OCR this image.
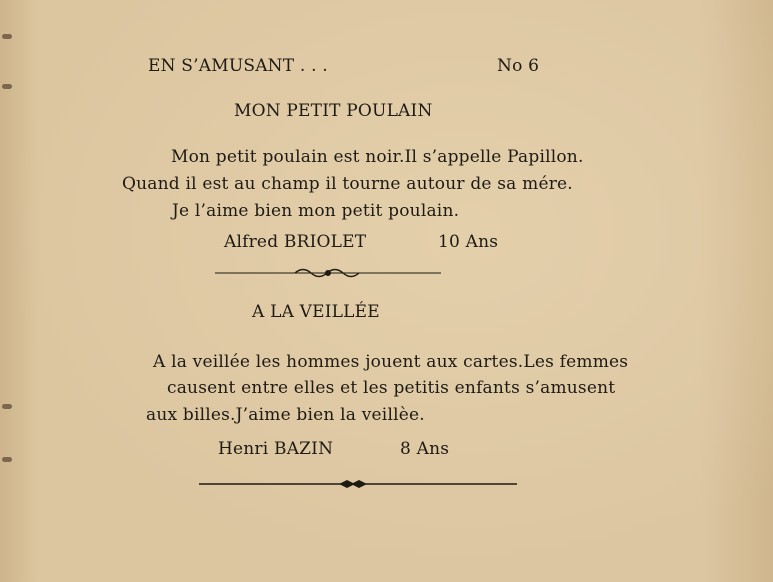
EN S’AMUSANT . . .	No 6
MON PETIT POULAIN
Mon petit poulain est noir.Il s’appelle Papillon.
Quand il est au champ il tourne autour de sa mére.
Je l’aime bien mon petit poulain.
Alfred BRIOLET	10 Ans
A LA VEILLÉE
A la veillée les hommes jouent aux cartes.Les femmes
causent entre elles et les petitis enfants s’amusent
aux billes.J’aime bien la veillèe.
Henri BAZIN	8 Ans
